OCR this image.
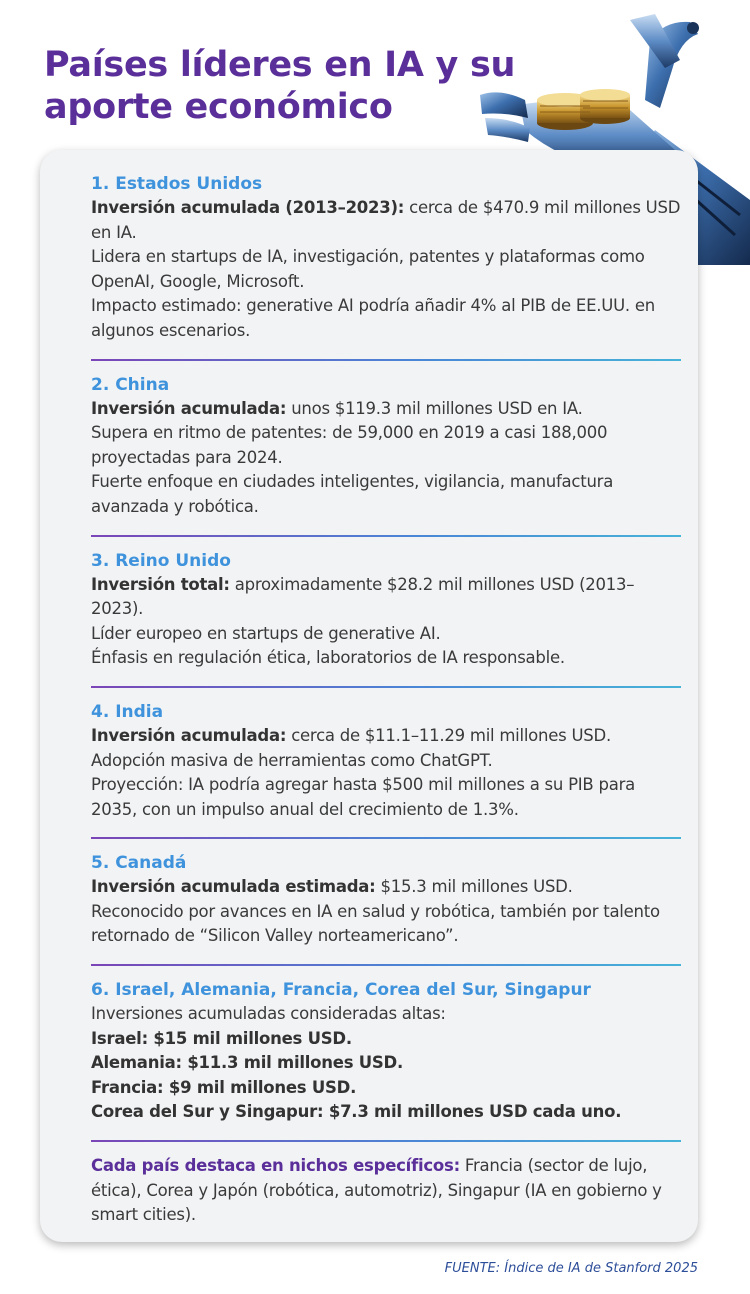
Países líderes en IA y su aporte económico

1. Estados Unidos

Inversión acumulada (2013–2023): cerca de $470.9 mil millones USD en IA.

Lidera en startups de IA, investigación, patentes y plataformas como OpenAI, Google, Microsoft.

Impacto estimado: generative AI podría añadir 4% al PIB de EE.UU. en algunos escenarios.

2. China

Inversión acumulada: unos $119.3 mil millones USD en IA.

Supera en ritmo de patentes: de 59,000 en 2019 a casi 188,000 proyectadas para 2024.

Fuerte enfoque en ciudades inteligentes, vigilancia, manufactura avanzada y robótica.

3. Reino Unido

Inversión total: aproximadamente $28.2 mil millones USD (2013–2023).

Líder europeo en startups de generative AI.

Énfasis en regulación ética, laboratorios de IA responsable.

4. India

Inversión acumulada: cerca de $11.1–11.29 mil millones USD.

Adopción masiva de herramientas como ChatGPT.

Proyección: IA podría agregar hasta $500 mil millones a su PIB para 2035, con un impulso anual del crecimiento de 1.3%.

5. Canadá

Inversión acumulada estimada: $15.3 mil millones USD.

Reconocido por avances en IA en salud y robótica, también por talento retornado de “Silicon Valley norteamericano”.

6. Israel, Alemania, Francia, Corea del Sur, Singapur

Inversiones acumuladas consideradas altas:

Israel: $15 mil millones USD.

Alemania: $11.3 mil millones USD.

Francia: $9 mil millones USD.

Corea del Sur y Singapur: $7.3 mil millones USD cada uno.

Cada país destaca en nichos específicos: Francia (sector de lujo, ética), Corea y Japón (robótica, automotriz), Singapur (IA en gobierno y smart cities).

FUENTE: Índice de IA de Stanford 2025
